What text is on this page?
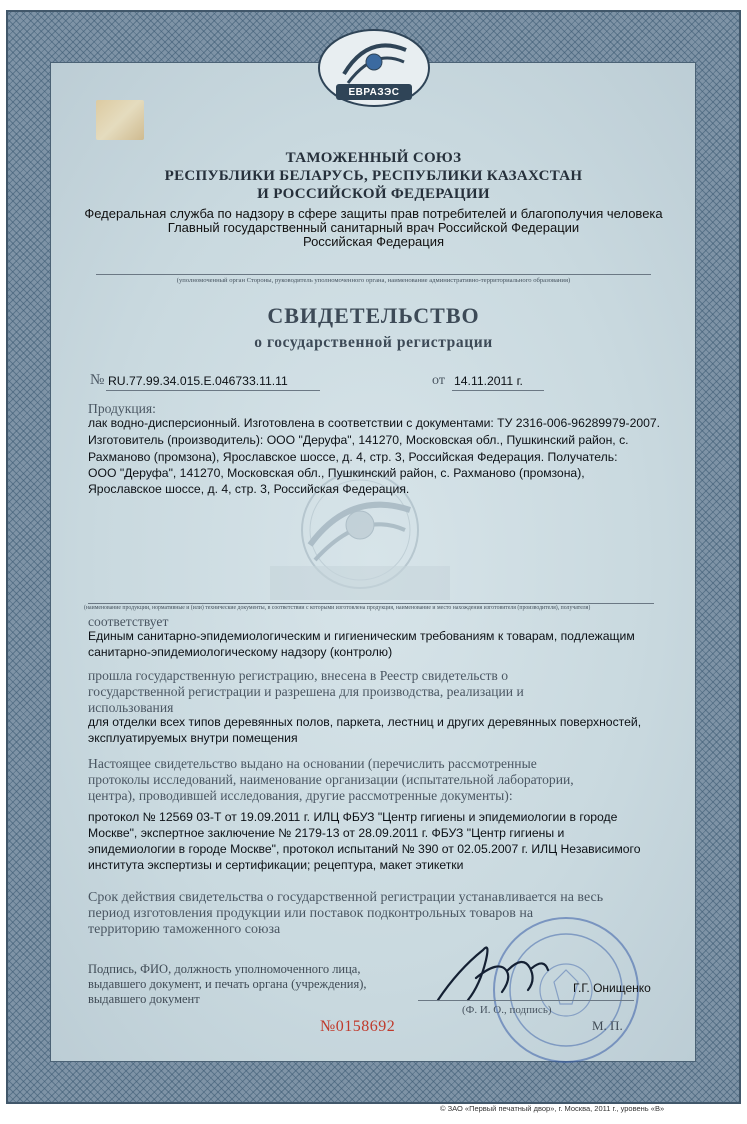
ЕВРАЗЭС
ТАМОЖЕННЫЙ СОЮЗ
РЕСПУБЛИКИ БЕЛАРУСЬ, РЕСПУБЛИКИ КАЗАХСТАН
И РОССИЙСКОЙ ФЕДЕРАЦИИ
Федеральная служба по надзору в сфере защиты прав потребителей и благополучия человека
Главный государственный санитарный врач Российской Федерации
Российская Федерация
(уполномоченный орган Стороны, руководитель уполномоченного органа, наименование административно-территориального образования)
СВИДЕТЕЛЬСТВО
о государственной регистрации
№ RU.77.99.34.015.E.046733.11.11	от 14.11.2011 г.
Продукция:
лак водно-дисперсионный. Изготовлена в соответствии с документами: ТУ 2316-006-96289979-2007.
Изготовитель (производитель): ООО "Деруфа", 141270, Московская обл., Пушкинский район, с.
Рахманово (промзона), Ярославское шоссе, д. 4, стр. 3, Российская Федерация. Получатель:
ООО "Деруфа", 141270, Московская обл., Пушкинский район, с. Рахманово (промзона),
Ярославское шоссе, д. 4, стр. 3, Российская Федерация.
(наименование продукции, нормативные и (или) технические документы, в соответствии с которыми изготовлена продукция, наименование и место нахождения изготовителя (производителя), получателя)
соответствует
Единым санитарно-эпидемиологическим и гигиеническим требованиям к товарам, подлежащим
санитарно-эпидемиологическому надзору (контролю)
прошла государственную регистрацию, внесена в Реестр свидетельств о
государственной регистрации и разрешена для производства, реализации и
использования
для отделки всех типов деревянных полов, паркета, лестниц и других деревянных поверхностей,
эксплуатируемых внутри помещения
Настоящее свидетельство выдано на основании (перечислить рассмотренные
протоколы исследований, наименование организации (испытательной лаборатории,
центра), проводившей исследования, другие рассмотренные документы):
протокол № 12569 03-Т от 19.09.2011 г. ИЛЦ ФБУЗ "Центр гигиены и эпидемиологии в городе
Москве", экспертное заключение № 2179-13 от 28.09.2011 г. ФБУЗ "Центр гигиены и
эпидемиологии в городе Москве", протокол испытаний № 390 от 02.05.2007 г. ИЛЦ Независимого
института экспертизы и сертификации; рецептура, макет этикетки
Срок действия свидетельства о государственной регистрации устанавливается на весь
период изготовления продукции или поставок подконтрольных товаров на
территорию таможенного союза
Подпись, ФИО, должность уполномоченного лица,
выдавшего документ, и печать органа (учреждения),
выдавшего документ
Г.Г. Онищенко
(Ф. И. О., подпись)
№0158692	М. П.
© ЗАО «Первый печатный двор», г. Москва, 2011 г., уровень «В»
